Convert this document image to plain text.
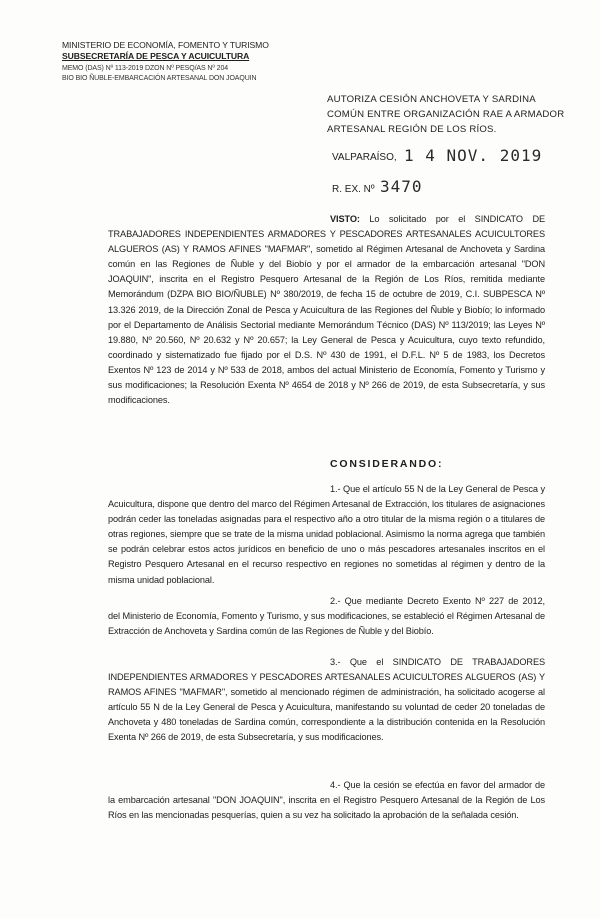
MINISTERIO DE ECONOMÍA, FOMENTO Y TURISMO
SUBSECRETARÍA DE PESCA Y ACUICULTURA
MEMO (DAS) Nº 113-2019 DZON Nº PESQ/AS Nº 204
BIO BIO ÑUBLE-EMBARCACIÓN ARTESANAL DON JOAQUIN
AUTORIZA CESIÓN ANCHOVETA Y SARDINA COMÚN ENTRE ORGANIZACIÓN RAE A ARMADOR ARTESANAL REGIÓN DE LOS RÍOS.
VALPARAÍSO, 1 4 NOV. 2019
R. EX. Nº 3470
VISTO: Lo solicitado por el SINDICATO DE TRABAJADORES INDEPENDIENTES ARMADORES Y PESCADORES ARTESANALES ACUICULTORES ALGUEROS (AS) Y RAMOS AFINES "MAFMAR", sometido al Régimen Artesanal de Anchoveta y Sardina común en las Regiones de Ñuble y del Biobío y por el armador de la embarcación artesanal "DON JOAQUIN", inscrita en el Registro Pesquero Artesanal de la Región de Los Ríos, remitida mediante Memorándum (DZPA BIO BIO/ÑUBLE) Nº 380/2019, de fecha 15 de octubre de 2019, C.I. SUBPESCA Nº 13.326 2019, de la Dirección Zonal de Pesca y Acuicultura de las Regiones del Ñuble y Biobío; lo informado por el Departamento de Análisis Sectorial mediante Memorándum Técnico (DAS) Nº 113/2019; las Leyes Nº 19.880, Nº 20.560, Nº 20.632 y Nº 20.657; la Ley General de Pesca y Acuicultura, cuyo texto refundido, coordinado y sistematizado fue fijado por el D.S. Nº 430 de 1991, el D.F.L. Nº 5 de 1983, los Decretos Exentos Nº 123 de 2014 y Nº 533 de 2018, ambos del actual Ministerio de Economía, Fomento y Turismo y sus modificaciones; la Resolución Exenta Nº 4654 de 2018 y Nº 266 de 2019, de esta Subsecretaría, y sus modificaciones.
CONSIDERANDO:
1.- Que el artículo 55 N de la Ley General de Pesca y Acuicultura, dispone que dentro del marco del Régimen Artesanal de Extracción, los titulares de asignaciones podrán ceder las toneladas asignadas para el respectivo año a otro titular de la misma región o a titulares de otras regiones, siempre que se trate de la misma unidad poblacional. Asimismo la norma agrega que también se podrán celebrar estos actos jurídicos en beneficio de uno o más pescadores artesanales inscritos en el Registro Pesquero Artesanal en el recurso respectivo en regiones no sometidas al régimen y dentro de la misma unidad poblacional.
2.- Que mediante Decreto Exento Nº 227 de 2012, del Ministerio de Economía, Fomento y Turismo, y sus modificaciones, se estableció el Régimen Artesanal de Extracción de Anchoveta y Sardina común de las Regiones de Ñuble y del Biobío.
3.- Que el SINDICATO DE TRABAJADORES INDEPENDIENTES ARMADORES Y PESCADORES ARTESANALES ACUICULTORES ALGUEROS (AS) Y RAMOS AFINES "MAFMAR", sometido al mencionado régimen de administración, ha solicitado acogerse al artículo 55 N de la Ley General de Pesca y Acuicultura, manifestando su voluntad de ceder 20 toneladas de Anchoveta y 480 toneladas de Sardina común, correspondiente a la distribución contenida en la Resolución Exenta Nº 266 de 2019, de esta Subsecretaría, y sus modificaciones.
4.- Que la cesión se efectúa en favor del armador de la embarcación artesanal "DON JOAQUIN", inscrita en el Registro Pesquero Artesanal de la Región de Los Ríos en las mencionadas pesquerías, quien a su vez ha solicitado la aprobación de la señalada cesión.
